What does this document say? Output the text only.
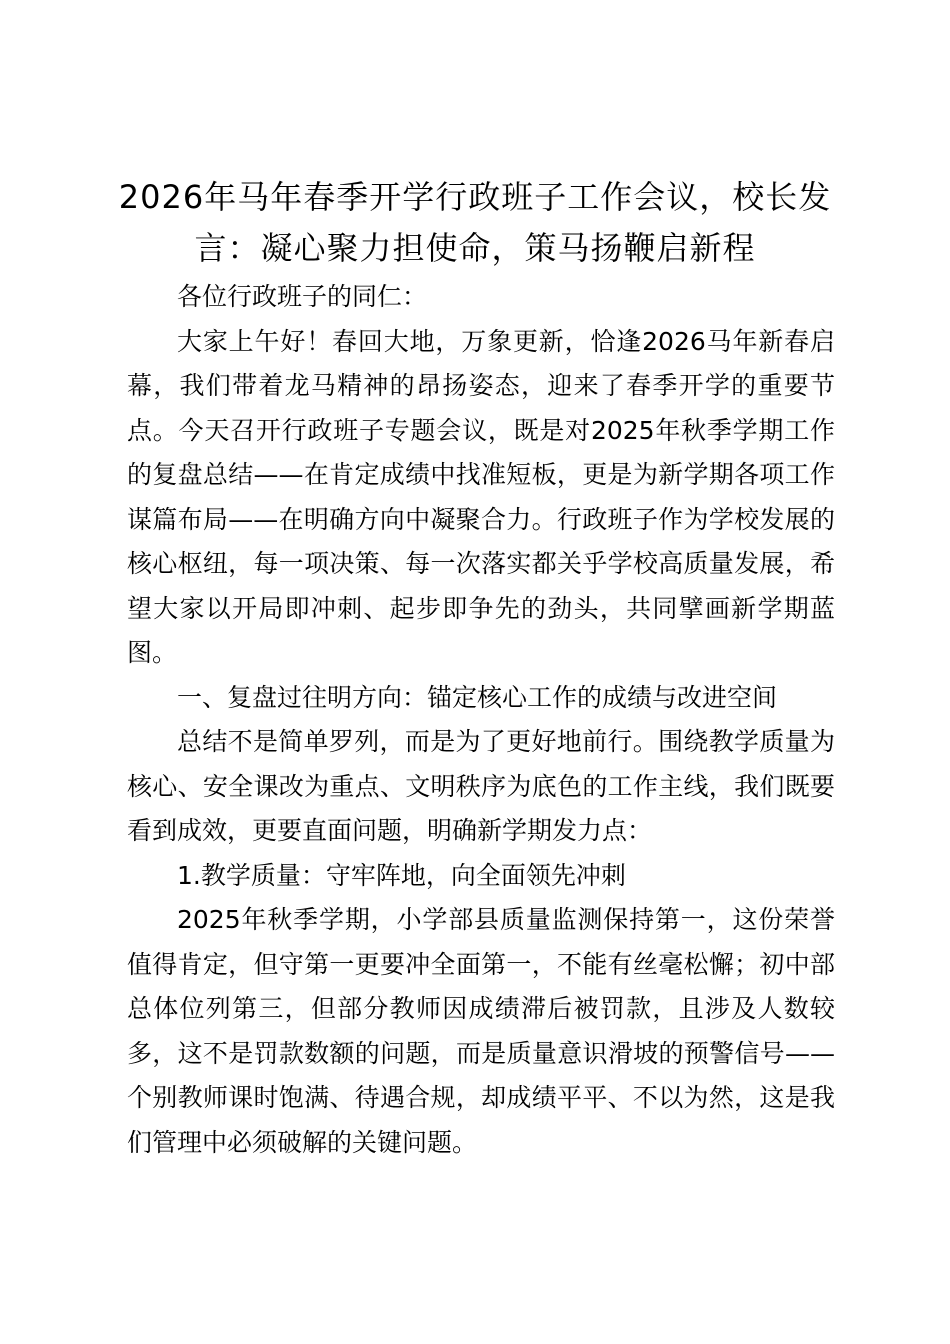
2026年马年春季开学行政班子工作会议，校长发言：凝心聚力担使命，策马扬鞭启新程

各位行政班子的同仁：

大家上午好！春回大地，万象更新，恰逢2026马年新春启幕，我们带着龙马精神的昂扬姿态，迎来了春季开学的重要节点。今天召开行政班子专题会议，既是对2025年秋季学期工作的复盘总结——在肯定成绩中找准短板，更是为新学期各项工作谋篇布局——在明确方向中凝聚合力。行政班子作为学校发展的核心枢纽，每一项决策、每一次落实都关乎学校高质量发展，希望大家以开局即冲刺、起步即争先的劲头，共同擘画新学期蓝图。

一、复盘过往明方向：锚定核心工作的成绩与改进空间

总结不是简单罗列，而是为了更好地前行。围绕教学质量为核心、安全课改为重点、文明秩序为底色的工作主线，我们既要看到成效，更要直面问题，明确新学期发力点：

1.教学质量：守牢阵地，向全面领先冲刺

2025年秋季学期，小学部县质量监测保持第一，这份荣誉值得肯定，但守第一更要冲全面第一，不能有丝毫松懈；初中部总体位列第三，但部分教师因成绩滞后被罚款，且涉及人数较多，这不是罚款数额的问题，而是质量意识滑坡的预警信号——个别教师课时饱满、待遇合规，却成绩平平、不以为然，这是我们管理中必须破解的关键问题。
